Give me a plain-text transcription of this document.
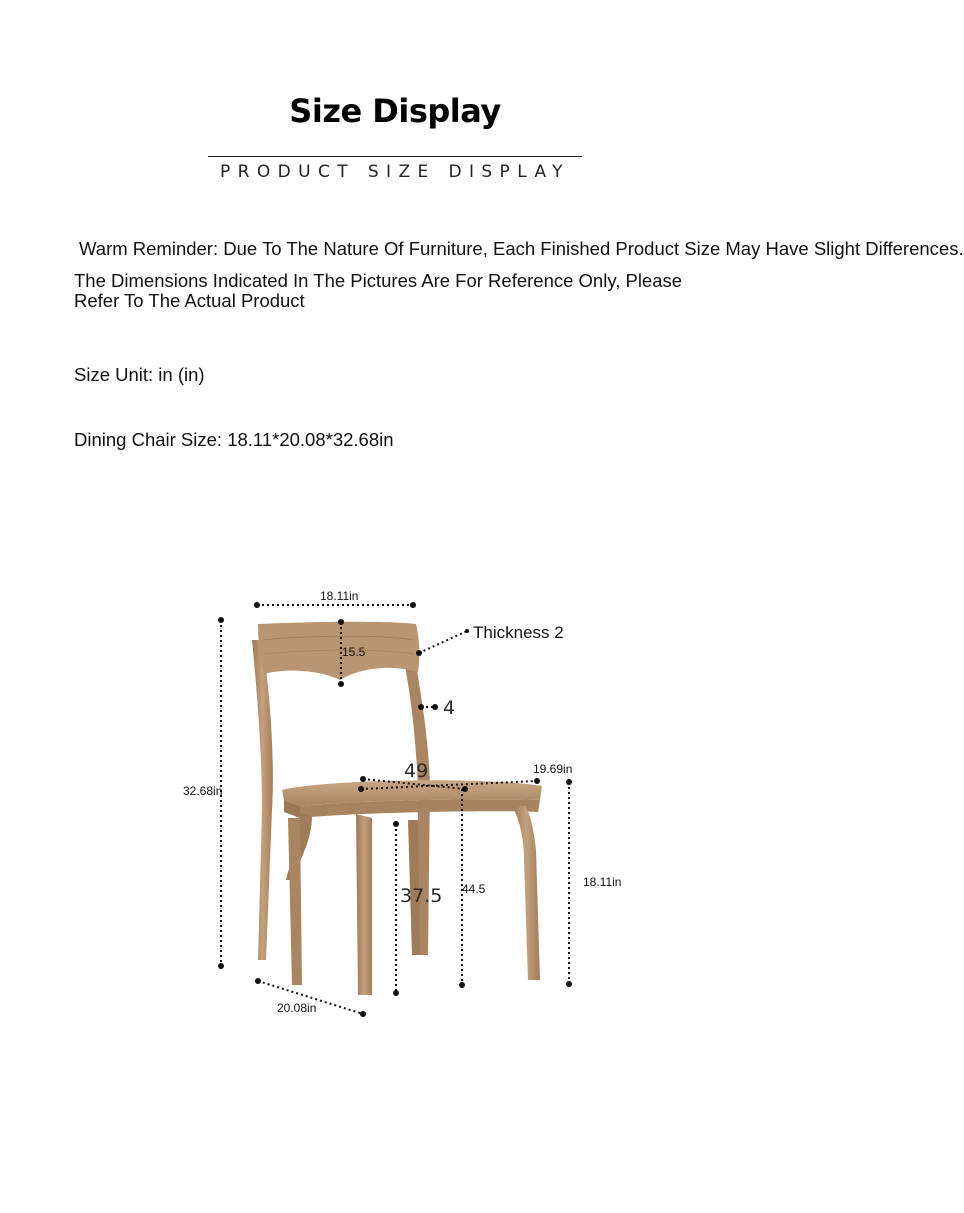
Size Display
PRODUCT SIZE DISPLAY
Warm Reminder: Due To The Nature Of Furniture, Each Finished Product Size May Have Slight Differences.
The Dimensions Indicated In The Pictures Are For Reference Only, Please Refer To The Actual Product
Size Unit: in (in)
Dining Chair Size: 18.11*20.08*32.68in
18.11in
15.5
Thickness 2
4
49	19.69in
32.68in
37.5 44.5	18.11in
20.08in
